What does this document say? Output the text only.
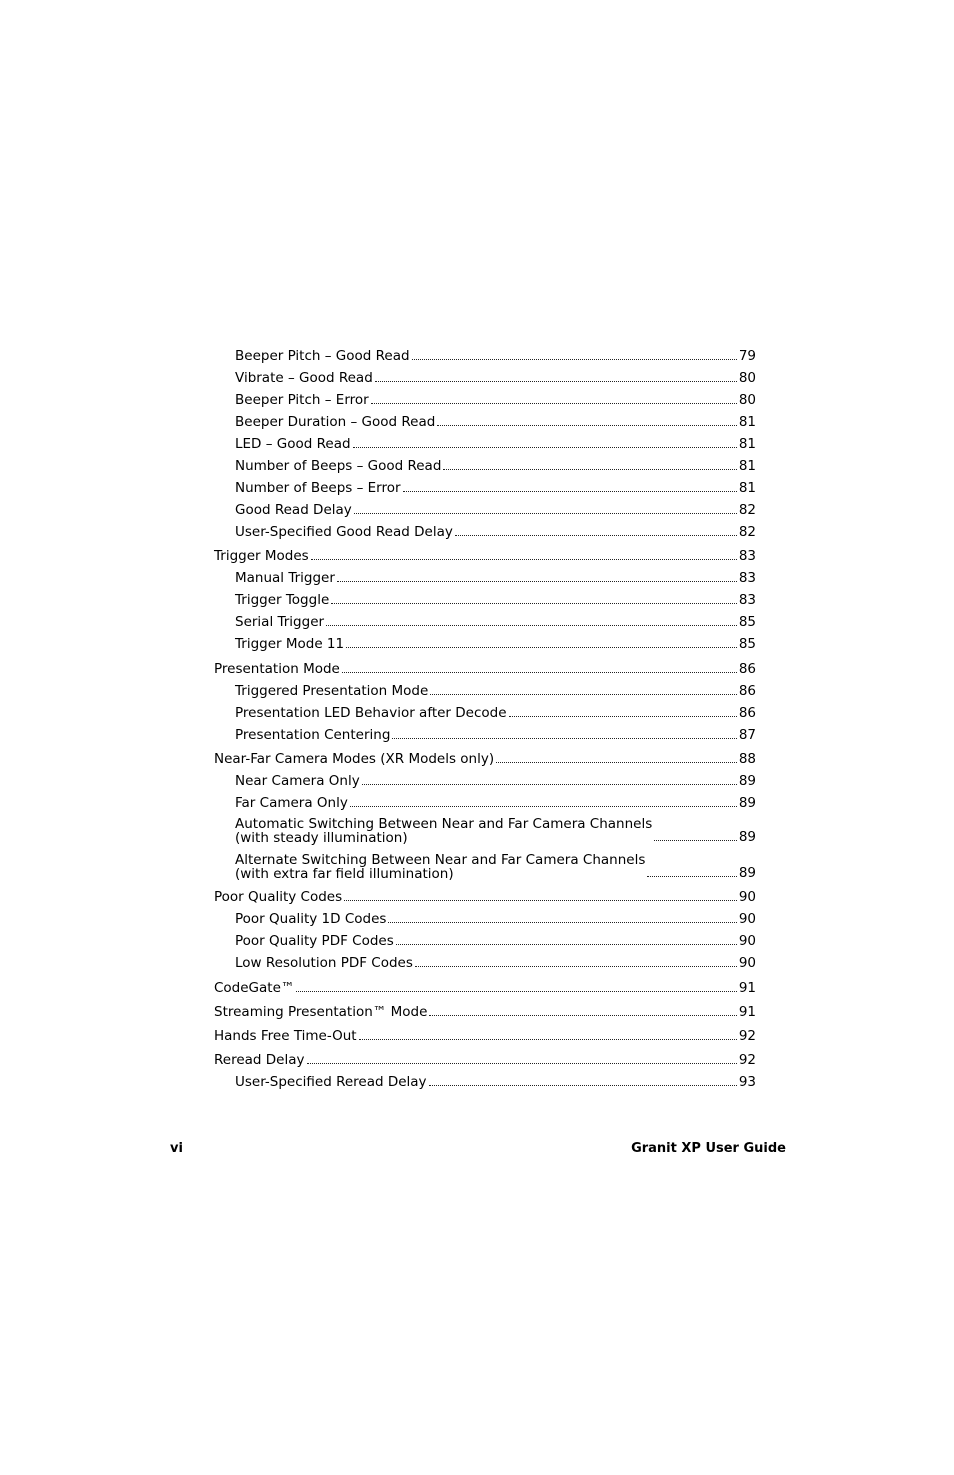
Beeper Pitch – Good Read	79
Vibrate – Good Read	80
Beeper Pitch – Error	80
Beeper Duration – Good Read	81
LED – Good Read	81
Number of Beeps – Good Read	81
Number of Beeps – Error	81
Good Read Delay	82
User-Specified Good Read Delay	82
Trigger Modes	83
Manual Trigger	83
Trigger Toggle	83
Serial Trigger	85
Trigger Mode 11	85
Presentation Mode	86
Triggered Presentation Mode	86
Presentation LED Behavior after Decode	86
Presentation Centering	87
Near-Far Camera Modes (XR Models only)	88
Near Camera Only	89
Far Camera Only	89
Automatic Switching Between Near and Far Camera Channels
(with steady illumination)	89
Alternate Switching Between Near and Far Camera Channels
(with extra far field illumination)	89
Poor Quality Codes	90
Poor Quality 1D Codes	90
Poor Quality PDF Codes	90
Low Resolution PDF Codes	90
CodeGate™	91
Streaming Presentation™ Mode	91
Hands Free Time-Out	92
Reread Delay	92
User-Specified Reread Delay	93
vi	Granit XP User Guide
